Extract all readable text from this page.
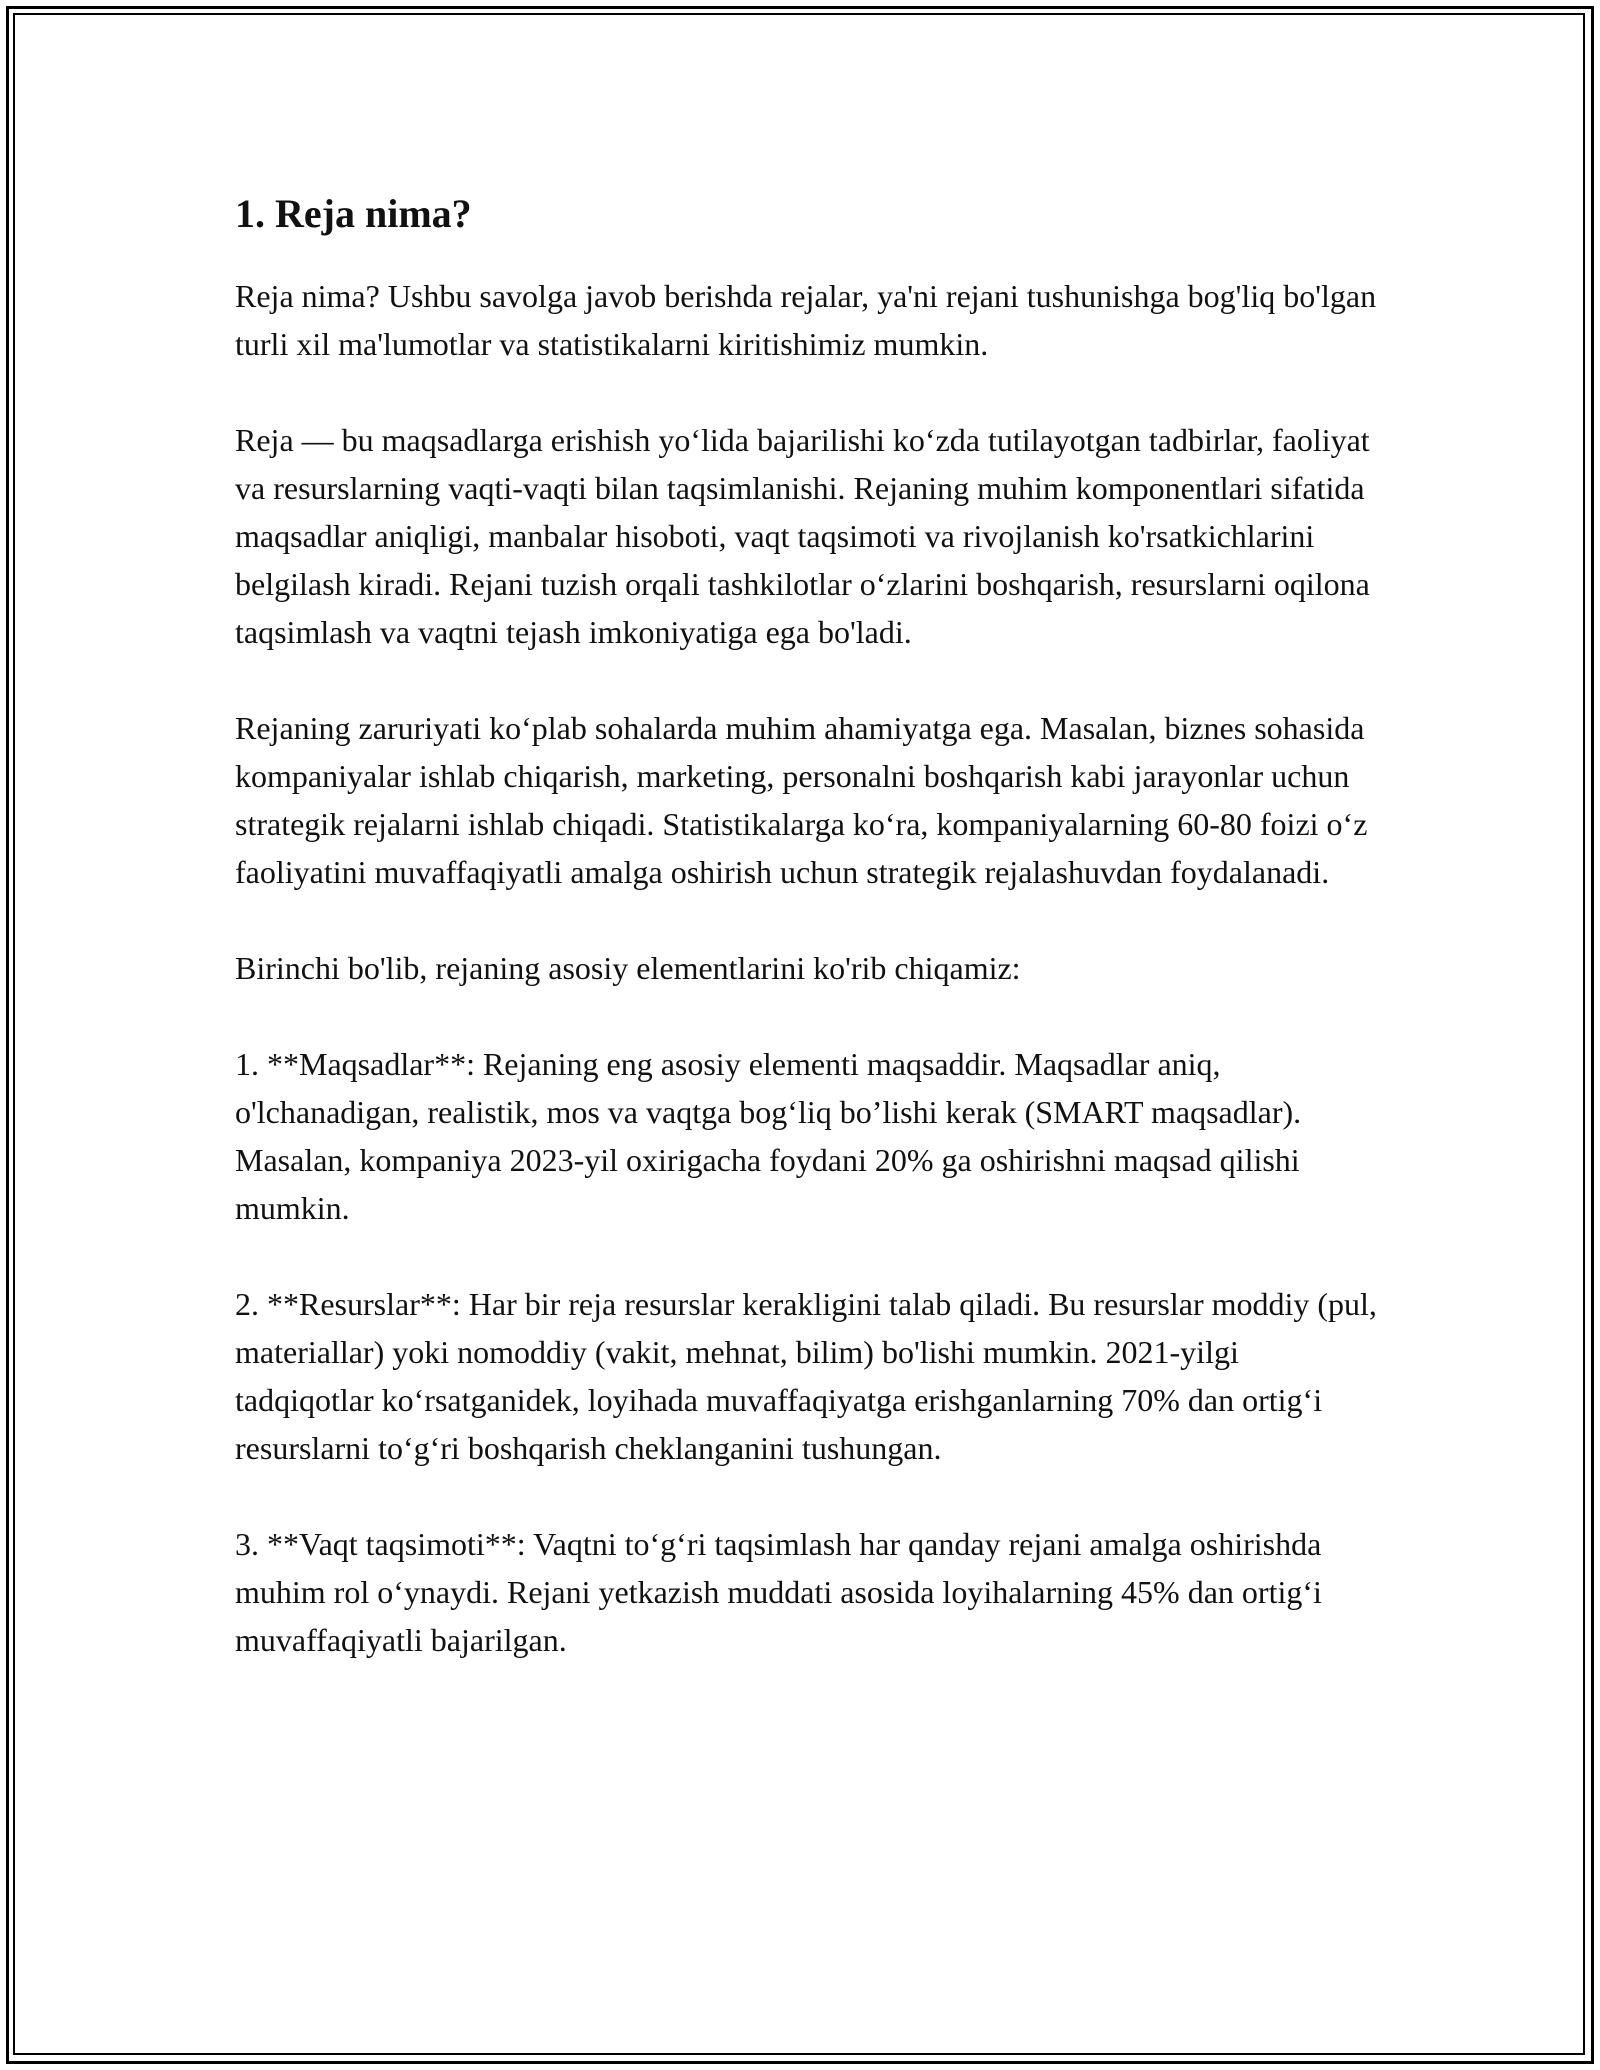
1. Reja nima?

Reja nima? Ushbu savolga javob berishda rejalar, ya'ni rejani tushunishga bog'liq bo'lgan turli xil ma'lumotlar va statistikalarni kiritishimiz mumkin.

Reja — bu maqsadlarga erishish yo‘lida bajarilishi ko‘zda tutilayotgan tadbirlar, faoliyat va resurslarning vaqti-vaqti bilan taqsimlanishi. Rejaning muhim komponentlari sifatida maqsadlar aniqligi, manbalar hisoboti, vaqt taqsimoti va rivojlanish ko'rsatkichlarini belgilash kiradi. Rejani tuzish orqali tashkilotlar o‘zlarini boshqarish, resurslarni oqilona taqsimlash va vaqtni tejash imkoniyatiga ega bo'ladi.

Rejaning zaruriyati ko‘plab sohalarda muhim ahamiyatga ega. Masalan, biznes sohasida kompaniyalar ishlab chiqarish, marketing, personalni boshqarish kabi jarayonlar uchun strategik rejalarni ishlab chiqadi. Statistikalarga ko‘ra, kompaniyalarning 60-80 foizi o‘z faoliyatini muvaffaqiyatli amalga oshirish uchun strategik rejalashuvdan foydalanadi.

Birinchi bo'lib, rejaning asosiy elementlarini ko'rib chiqamiz:

1. **Maqsadlar**: Rejaning eng asosiy elementi maqsaddir. Maqsadlar aniq, o'lchanadigan, realistik, mos va vaqtga bog‘liq bo’lishi kerak (SMART maqsadlar). Masalan, kompaniya 2023-yil oxirigacha foydani 20% ga oshirishni maqsad qilishi mumkin.

2. **Resurslar**: Har bir reja resurslar kerakligini talab qiladi. Bu resurslar moddiy (pul, materiallar) yoki nomoddiy (vakit, mehnat, bilim) bo'lishi mumkin. 2021-yilgi tadqiqotlar ko‘rsatganidek, loyihada muvaffaqiyatga erishganlarning 70% dan ortig‘i resurslarni to‘g‘ri boshqarish cheklanganini tushungan.

3. **Vaqt taqsimoti**: Vaqtni to‘g‘ri taqsimlash har qanday rejani amalga oshirishda muhim rol o‘ynaydi. Rejani yetkazish muddati asosida loyihalarning 45% dan ortig‘i muvaffaqiyatli bajarilgan.
